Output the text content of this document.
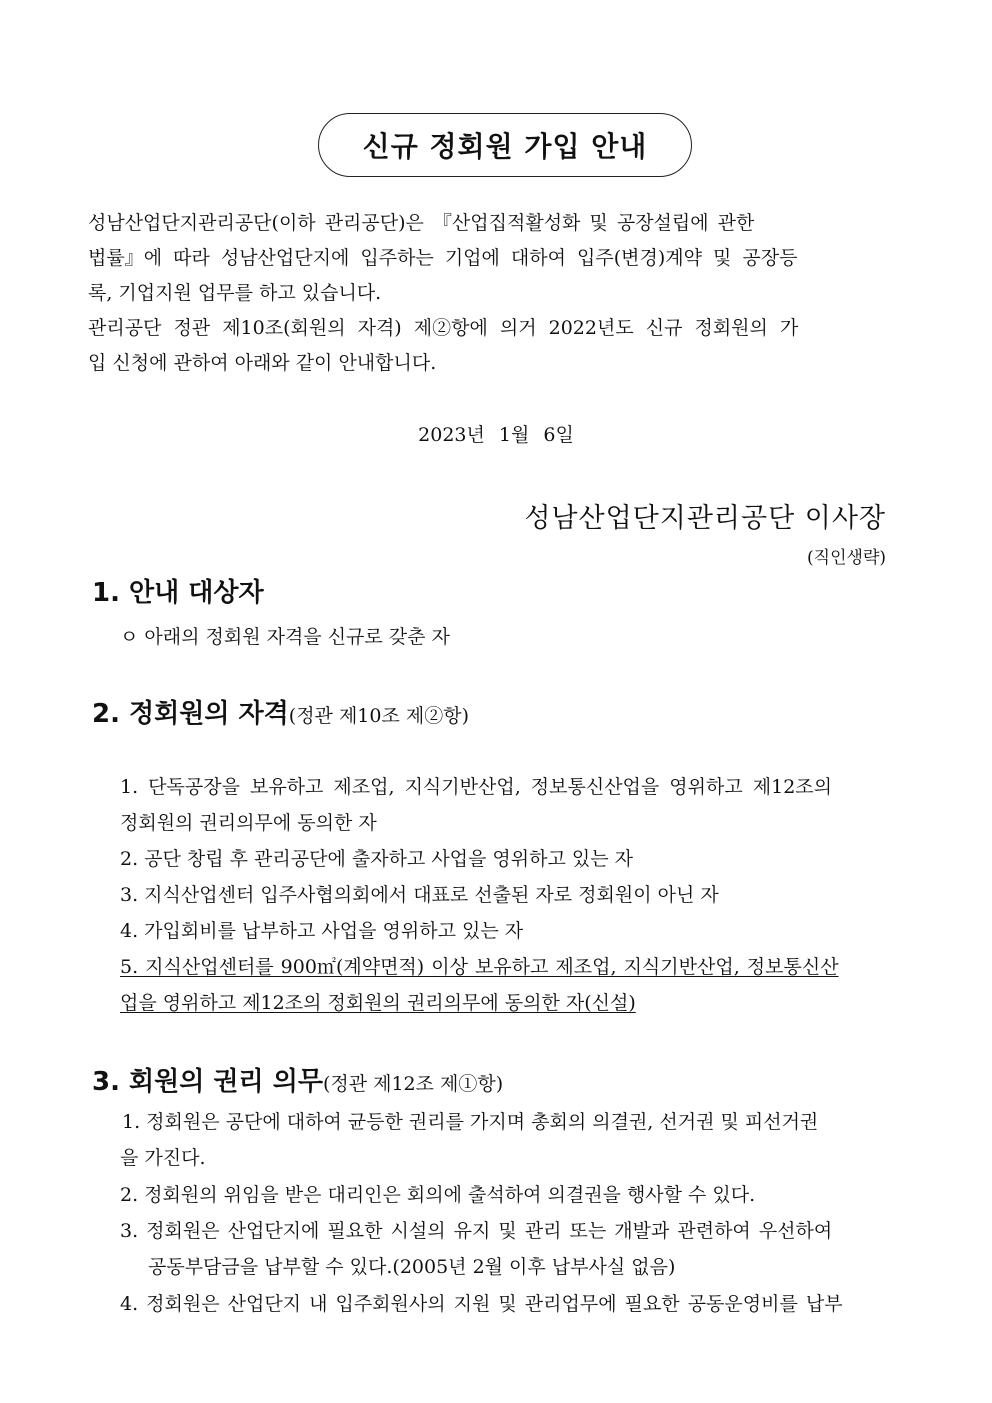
신규 정회원 가입 안내
성남산업단지관리공단(이하 관리공단)은 『산업집적활성화 및 공장설립에 관한
법률』에 따라 성남산업단지에 입주하는 기업에 대하여 입주(변경)계약 및 공장등
록, 기업지원 업무를 하고 있습니다.
관리공단 정관 제10조(회원의 자격) 제②항에 의거 2022년도 신규 정회원의 가
입 신청에 관하여 아래와 같이 안내합니다.
2023년 1월 6일
성남산업단지관리공단 이사장
(직인생략)
1. 안내 대상자
ㅇ 아래의 정회원 자격을 신규로 갖춘 자
2. 정회원의 자격(정관 제10조 제②항)
1. 단독공장을 보유하고 제조업, 지식기반산업, 정보통신산업을 영위하고 제12조의
정회원의 권리의무에 동의한 자
2. 공단 창립 후 관리공단에 출자하고 사업을 영위하고 있는 자
3. 지식산업센터 입주사협의회에서 대표로 선출된 자로 정회원이 아닌 자
4. 가입회비를 납부하고 사업을 영위하고 있는 자
5. 지식산업센터를 900㎡(계약면적) 이상 보유하고 제조업, 지식기반산업, 정보통신산
업을 영위하고 제12조의 정회원의 권리의무에 동의한 자(신설)
3. 회원의 권리 의무(정관 제12조 제①항)
1. 정회원은 공단에 대하여 균등한 권리를 가지며 총회의 의결권, 선거권 및 피선거권
을 가진다.
2. 정회원의 위임을 받은 대리인은 회의에 출석하여 의결권을 행사할 수 있다.
3. 정회원은 산업단지에 필요한 시설의 유지 및 관리 또는 개발과 관련하여 우선하여
공동부담금을 납부할 수 있다.(2005년 2월 이후 납부사실 없음)
4. 정회원은 산업단지 내 입주회원사의 지원 및 관리업무에 필요한 공동운영비를 납부
